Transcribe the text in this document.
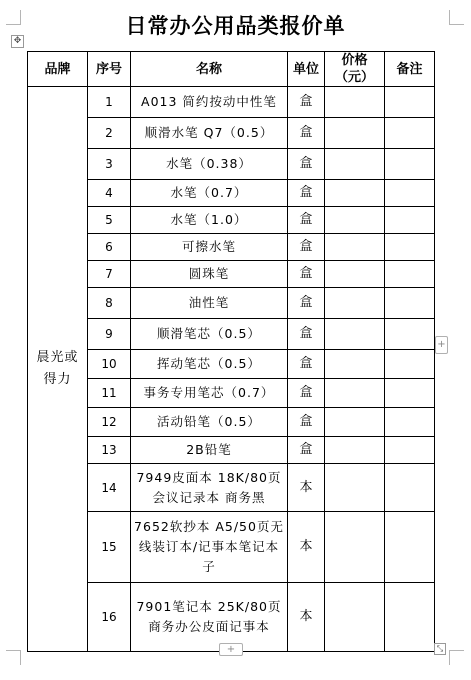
日常办公用品类报价单
✥
品牌	序号	名称	单位	价格（元）	备注
晨光或得力	1	A013 简约按动中性笔	盒		
	2	顺滑水笔 Q7（0.5）	盒		
	3	水笔（0.38）	盒		
	4	水笔（0.7）	盒		
	5	水笔（1.0）	盒		
	6	可擦水笔	盒		
	7	圆珠笔	盒		
	8	油性笔	盒		
	9	顺滑笔芯（0.5）	盒		
	10	挥动笔芯（0.5）	盒		
	11	事务专用笔芯（0.7）	盒		
	12	活动铅笔（0.5）	盒		
	13	2B铅笔	盒		
	14	7949皮面本 18K/80页会议记录本 商务黑	本		
	15	7652软抄本 A5/50页无线装订本/记事本笔记本子	本		
	16	7901笔记本 25K/80页商务办公皮面记事本	本		
+
+	⤡
